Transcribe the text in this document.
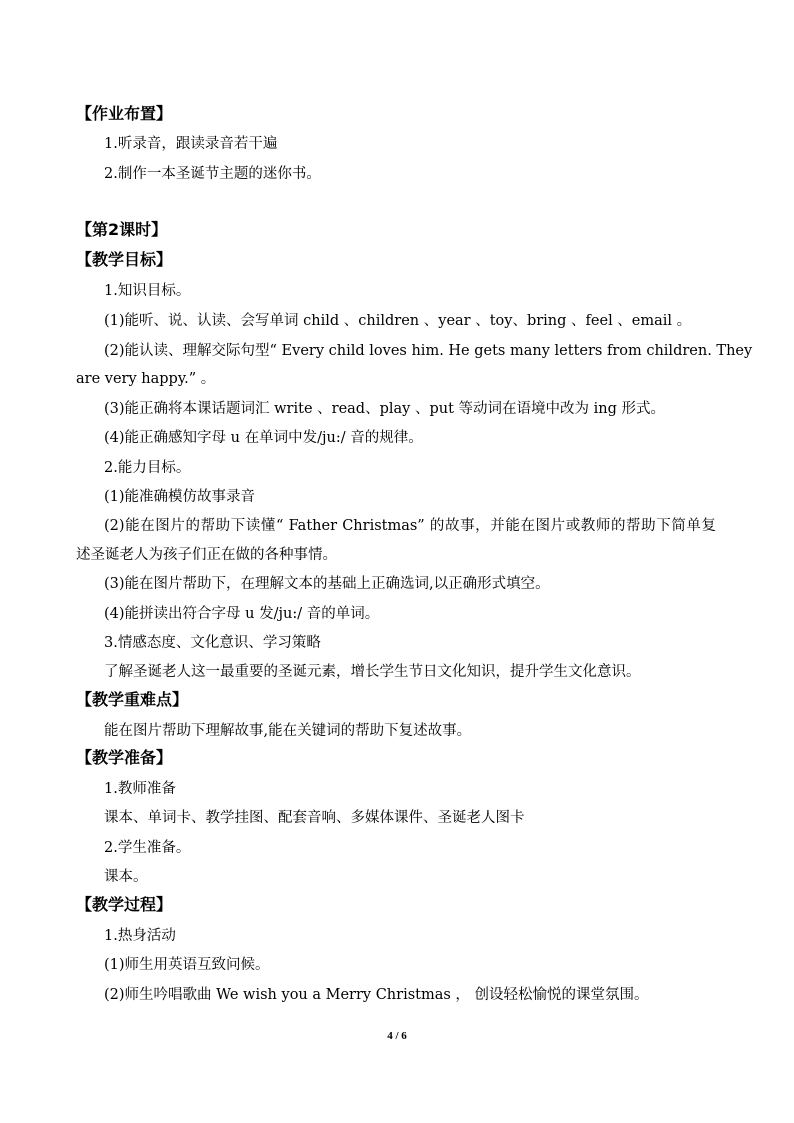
【作业布置】
1.听录音，跟读录音若干遍
2.制作一本圣诞节主题的迷你书。
【第2课时】
【教学目标】
1.知识目标。
(1)能听、说、认读、会写单词 child 、children 、year 、toy、bring 、feel 、email 。
(2)能认读、理解交际句型“ Every child loves him. He gets many letters from children. They
are very happy.” 。
(3)能正确将本课话题词汇 write 、read、play 、put 等动词在语境中改为 ing 形式。
(4)能正确感知字母 u 在单词中发/ju:/ 音的规律。
2.能力目标。
(1)能准确模仿故事录音
(2)能在图片的帮助下读懂“ Father Christmas” 的故事，并能在图片或教师的帮助下简单复
述圣诞老人为孩子们正在做的各种事情。
(3)能在图片帮助下，在理解文本的基础上正确选词,以正确形式填空。
(4)能拼读出符合字母 u 发/ju:/ 音的单词。
3.情感态度、文化意识、学习策略
了解圣诞老人这一最重要的圣诞元素，增长学生节日文化知识，提升学生文化意识。
【教学重难点】
能在图片帮助下理解故事,能在关键词的帮助下复述故事。
【教学准备】
1.教师准备
课本、单词卡、教学挂图、配套音响、多媒体课件、圣诞老人图卡
2.学生准备。
课本。
【教学过程】
1.热身活动
(1)师生用英语互致问候。
(2)师生吟唱歌曲 We wish you a Merry Christmas ， 创设轻松愉悦的课堂氛围。
4 / 6
